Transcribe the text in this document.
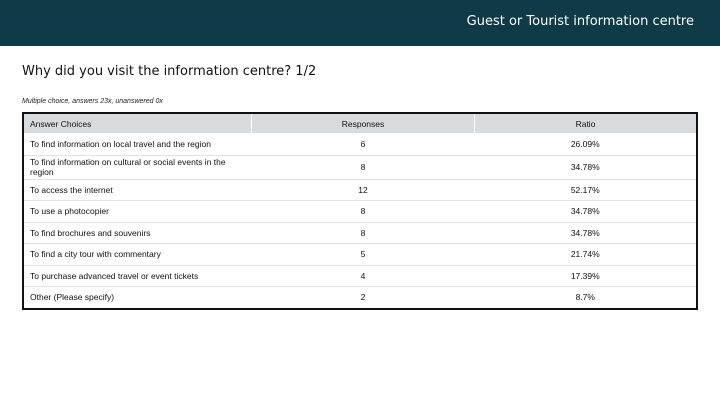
Guest or Tourist information centre
Why did you visit the information centre? 1/2
Multiple choice, answers 23x, unanswered 0x
Answer Choices	Responses	Ratio
To find information on local travel and the region	6	26.09%

To find information on cultural or social events in the region	8	34.78%
To access the internet	12	52.17%
To use a photocopier	8	34.78%
To find brochures and souvenirs	8	34.78%
To find a city tour with commentary	5	21.74%
To purchase advanced travel or event tickets	4	17.39%
Other (Please specify)	2	8.7%
